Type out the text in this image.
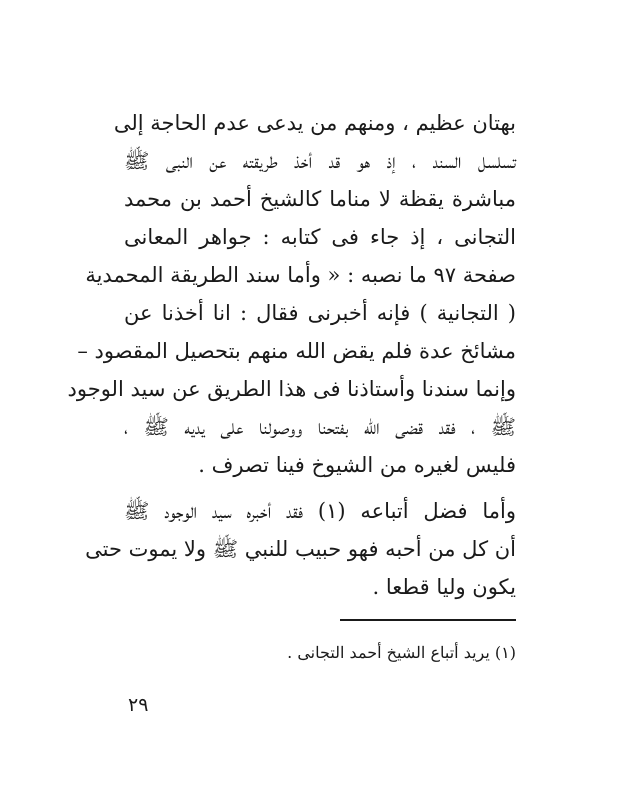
بهتان عظيم ، ومنهم من يدعى عدم الحاجة إلى
تسلسل السند ، إذ هو قد أخذ طريقته عن النبى ﷺ
مباشرة يقظة لا مناما كالشيخ أحمد بن محمد
التجانى ، إذ جاء فى كتابه : جواهر المعانى
صفحة ٩٧ ما نصبه : « وأما سند الطريقة المحمدية
( التجانية ) فإنه أخبرنى فقال : انا أخذنا عن
مشائخ عدة فلم يقض الله منهم بتحصيل المقصود –
وإنما سندنا وأستاذنا فى هذا الطريق عن سيد الوجود
ﷺ ، فقد قضى الله بفتحنا ووصولنا على يديه ﷺ ،
فليس لغيره من الشيوخ فينا تصرف .
وأما فضل أتباعه (١) فقد أخبره سيد الوجود ﷺ
أن كل من أحبه فهو حبيب للنبي ﷺ ولا يموت حتى
يكون وليا قطعا .
(١) يريد أتباع الشيخ أحمد التجانى .
٢٩
